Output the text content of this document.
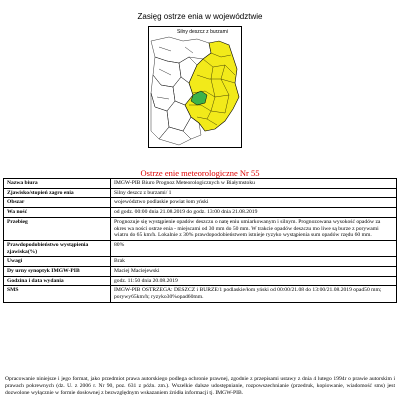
Zasięg ostrze enia w województwie
Silny deszcz z burzami
Ostrze enie meteorologiczne Nr 55
Nazwa biura	IMGW-PIB Biuro Prognoz Meteorologicznych w Białymstoku
Zjawisko/stopień zagro enia	Silny deszcz z burzami/ 1
Obszar	województwo podlaskie powiat łom yński
Wa ność	od godz. 00:00 dnia 21.08.2019 do godz. 13:00 dnia 21.08.2019
Przebieg	Prognozuje się wystąpienie opadów deszczu o natę eniu umiarkowanym i silnym. Prognozowana wysokość opadów za okres wa ności ostrze enia - miejscami od 30 mm do 50 mm. W trakcie opadów deszczu mo liwe są burze z porywami wiatru do 65 km/h. Lokalnie z 30% prawdopodobieństwem istnieje ryzyko wystąpienia sum opadów rzędu 60 mm.
Prawdopodobieństwo wystąpienia zjawiska(%)	80%
Uwagi	Brak
Dy urny synoptyk IMGW-PIB	Maciej Maciejewski
Godzina i data wydania	godz. 11:50 dnia 20.08.2019
SMS	IMGW-PIB OSTRZEGA: DESZCZ i BURZE/1 podlaskie/łom yński od 00:00/21.08 do 13:00/21.08.2019 opad50 mm; porywy65km/h; ryzyko30%opad60mm.
Opracowanie niniejsze i jego format, jako przedmiot prawa autorskiego podlega ochronie prawnej, zgodnie z przepisami ustawy z dnia 4 lutego 1994r o prawie autorskim i prawach pokrewnych (dz. U. z 2006 r. Nr 90, poz. 631 z późn. zm.). Wszelkie dalsze udostępnianie, rozpowszechnianie (przedruk, kopiowanie, wiadomość sms) jest dozwolone wyłącznie w formie dosłownej z bezwzględnym wskazaniem źródła informacji tj. IMGW-PIB.
